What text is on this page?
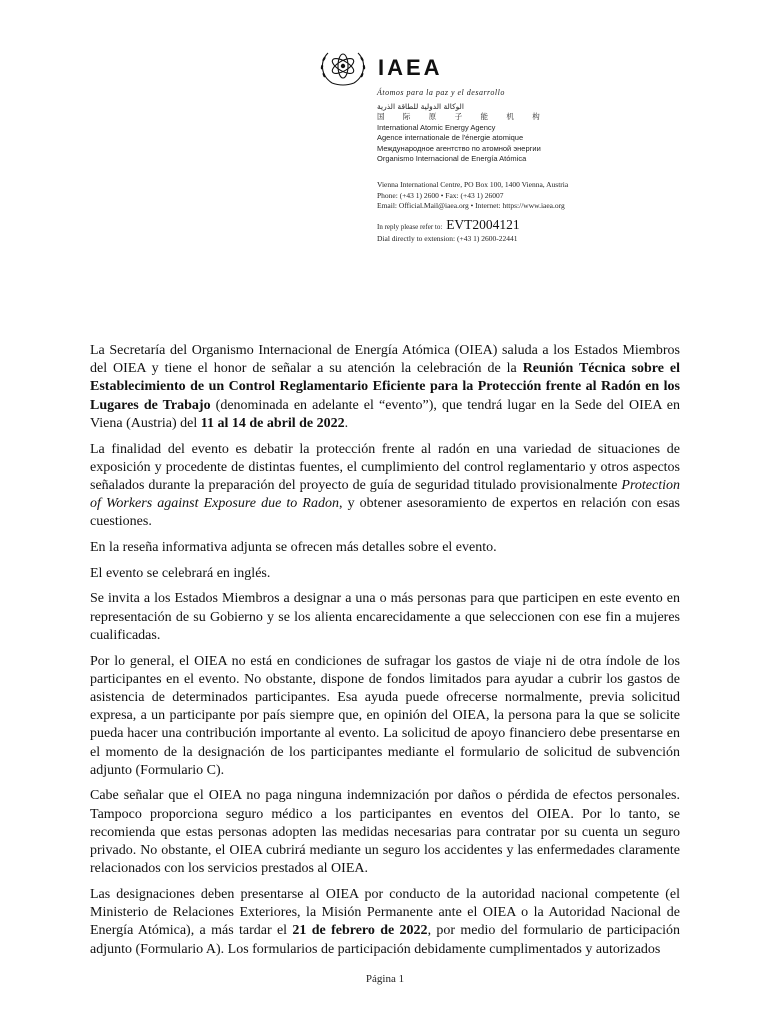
IAEA
Átomos para la paz y el desarrollo
الوكالة الدولية للطاقة الذرية
国 际 原 子 能 机 构
International Atomic Energy Agency
Agence internationale de l'énergie atomique
Международное агентство по атомной энергии
Organismo Internacional de Energía Atómica
Vienna International Centre, PO Box 100, 1400 Vienna, Austria
Phone: (+43 1) 2600 • Fax: (+43 1) 26007
Email: Official.Mail@iaea.org • Internet: https://www.iaea.org
In reply please refer to: EVT2004121
Dial directly to extension: (+43 1) 2600-22441

La Secretaría del Organismo Internacional de Energía Atómica (OIEA) saluda a los Estados Miembros del OIEA y tiene el honor de señalar a su atención la celebración de la Reunión Técnica sobre el Establecimiento de un Control Reglamentario Eficiente para la Protección frente al Radón en los Lugares de Trabajo (denominada en adelante el “evento”), que tendrá lugar en la Sede del OIEA en Viena (Austria) del 11 al 14 de abril de 2022.

La finalidad del evento es debatir la protección frente al radón en una variedad de situaciones de exposición y procedente de distintas fuentes, el cumplimiento del control reglamentario y otros aspectos señalados durante la preparación del proyecto de guía de seguridad titulado provisionalmente Protection of Workers against Exposure due to Radon, y obtener asesoramiento de expertos en relación con esas cuestiones.

En la reseña informativa adjunta se ofrecen más detalles sobre el evento.

El evento se celebrará en inglés.

Se invita a los Estados Miembros a designar a una o más personas para que participen en este evento en representación de su Gobierno y se los alienta encarecidamente a que seleccionen con ese fin a mujeres cualificadas.

Por lo general, el OIEA no está en condiciones de sufragar los gastos de viaje ni de otra índole de los participantes en el evento. No obstante, dispone de fondos limitados para ayudar a cubrir los gastos de asistencia de determinados participantes. Esa ayuda puede ofrecerse normalmente, previa solicitud expresa, a un participante por país siempre que, en opinión del OIEA, la persona para la que se solicite pueda hacer una contribución importante al evento. La solicitud de apoyo financiero debe presentarse en el momento de la designación de los participantes mediante el formulario de solicitud de subvención adjunto (Formulario C).

Cabe señalar que el OIEA no paga ninguna indemnización por daños o pérdida de efectos personales. Tampoco proporciona seguro médico a los participantes en eventos del OIEA. Por lo tanto, se recomienda que estas personas adopten las medidas necesarias para contratar por su cuenta un seguro privado. No obstante, el OIEA cubrirá mediante un seguro los accidentes y las enfermedades claramente relacionados con los servicios prestados al OIEA.

Las designaciones deben presentarse al OIEA por conducto de la autoridad nacional competente (el Ministerio de Relaciones Exteriores, la Misión Permanente ante el OIEA o la Autoridad Nacional de Energía Atómica), a más tardar el 21 de febrero de 2022, por medio del formulario de participación adjunto (Formulario A). Los formularios de participación debidamente cumplimentados y autorizados

Página 1
